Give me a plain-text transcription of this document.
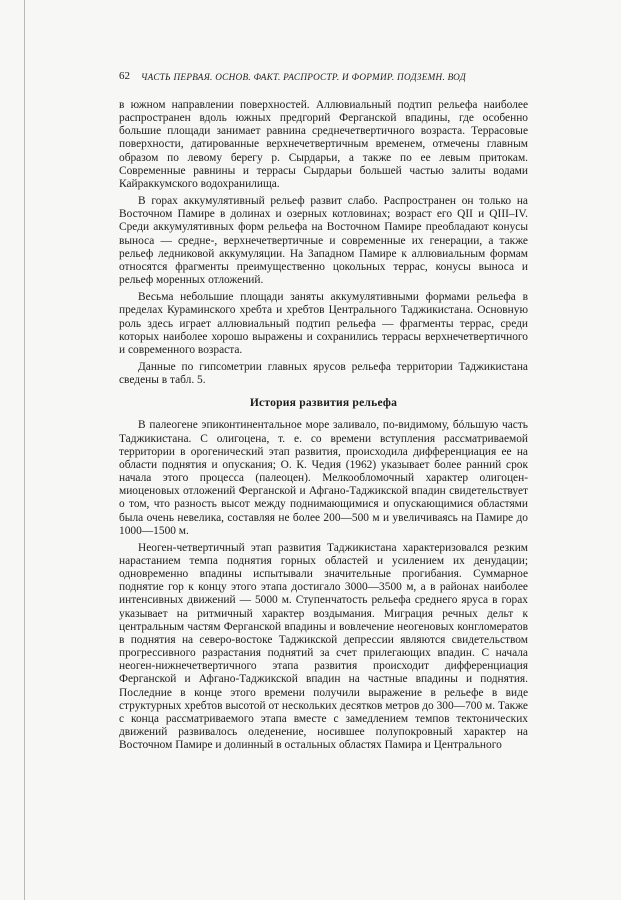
62 ЧАСТЬ ПЕРВАЯ. ОСНОВ. ФАКТ. РАСПРОСТР. И ФОРМИР. ПОДЗЕМН. ВОД

в южном направлении поверхностей. Аллювиальный подтип рельефа наиболее распространен вдоль южных предгорий Ферганской впадины, где особенно большие площади занимает равнина среднечетвертичного возраста. Террасовые поверхности, датированные верхнечетвертичным временем, отмечены главным образом по левому берегу р. Сырдарьи, а также по ее левым притокам. Современные равнины и террасы Сырдарьи большей частью залиты водами Кайраккумского водохранилища.

В горах аккумулятивный рельеф развит слабо. Распространен он только на Восточном Памире в долинах и озерных котловинах; возраст его QII и QIII–IV. Среди аккумулятивных форм рельефа на Восточном Памире преобладают конусы выноса — средне-, верхнечетвертичные и современные их генерации, а также рельеф ледниковой аккумуляции. На Западном Памире к аллювиальным формам относятся фрагменты преимущественно цокольных террас, конусы выноса и рельеф моренных отложений.

Весьма небольшие площади заняты аккумулятивными формами рельефа в пределах Кураминского хребта и хребтов Центрального Таджикистана. Основную роль здесь играет аллювиальный подтип рельефа — фрагменты террас, среди которых наиболее хорошо выражены и сохранились террасы верхнечетвертичного и современного возраста.

Данные по гипсометрии главных ярусов рельефа территории Таджикистана сведены в табл. 5.

История развития рельефа

В палеогене эпиконтинентальное море заливало, по-видимому, бóльшую часть Таджикистана. С олигоцена, т. е. со времени вступления рассматриваемой территории в орогенический этап развития, происходила дифференциация ее на области поднятия и опускания; О. К. Чедия (1962) указывает более ранний срок начала этого процесса (палеоцен). Мелкообломочный характер олигоцен-миоценовых отложений Ферганской и Афгано-Таджикской впадин свидетельствует о том, что разность высот между поднимающимися и опускающимися областями была очень невелика, составляя не более 200—500 м и увеличиваясь на Памире до 1000—1500 м.

Неоген-четвертичный этап развития Таджикистана характеризовался резким нарастанием темпа поднятия горных областей и усилением их денудации; одновременно впадины испытывали значительные прогибания. Суммарное поднятие гор к концу этого этапа достигало 3000—3500 м, а в районах наиболее интенсивных движений — 5000 м. Ступенчатость рельефа среднего яруса в горах указывает на ритмичный характер воздымания. Миграция речных дельт к центральным частям Ферганской впадины и вовлечение неогеновых конгломератов в поднятия на северо-востоке Таджикской депрессии являются свидетельством прогрессивного разрастания поднятий за счет прилегающих впадин. С начала неоген-нижнечетвертичного этапа развития происходит дифференциация Ферганской и Афгано-Таджикской впадин на частные впадины и поднятия. Последние в конце этого времени получили выражение в рельефе в виде структурных хребтов высотой от нескольких десятков метров до 300—700 м. Также с конца рассматриваемого этапа вместе с замедлением темпов тектонических движений развивалось оледенение, носившее полупокровный характер на Восточном Памире и долинный в остальных областях Памира и Центрального
